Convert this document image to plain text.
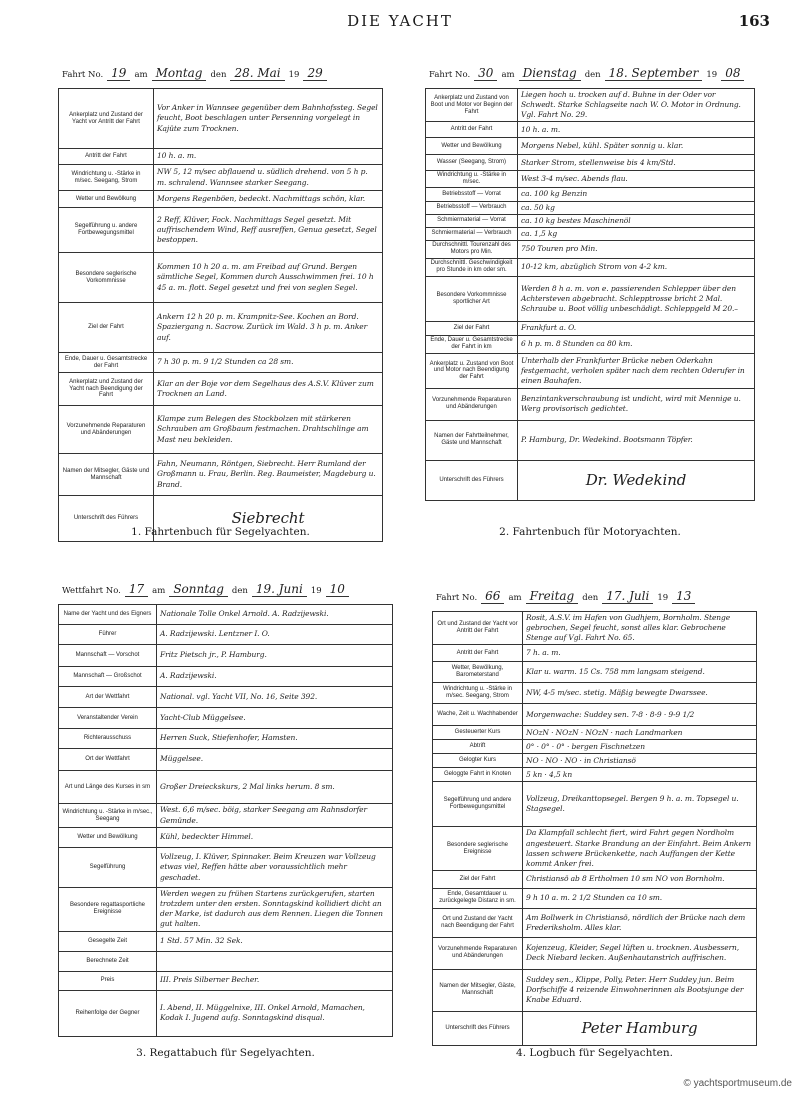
DIE YACHT	163
Fahrt No. 19 am Montag den 28. Mai 19 29
Ankerplatz und Zustand der Yacht vor Antritt der Fahrt	Vor Anker in Wannsee gegenüber dem Bahnhofssteg. Segel feucht, Boot beschlagen unter Persenning vorgelegt in Kajüte zum Trocknen.
Antritt der Fahrt	10 h. a. m.
Windrichtung u. -Stärke in m/sec. Seegang, Strom	NW 5, 12 m/sec abflauend u. südlich drehend. von 5 h p. m. schralend. Wannsee starker Seegang.
Wetter und Bewölkung	Morgens Regenböen, bedeckt. Nachmittags schön, klar.
Segelführung u. andere Fortbewegungsmittel	2 Reff, Klüver, Fock. Nachmittags Segel gesetzt. Mit auffrischendem Wind, Reff ausreffen, Genua gesetzt, Segel bestoppen.
Besondere seglerische Vorkommnisse	Kommen 10 h 20 a. m. am Freibad auf Grund. Bergen sämtliche Segel, Kommen durch Ausschwimmen frei. 10 h 45 a. m. flott. Segel gesetzt und frei von seglen Segel.
Ziel der Fahrt	Ankern 12 h 20 p. m. Krampnitz-See. Kochen an Bord. Spaziergang n. Sacrow. Zurück im Wald. 3 h p. m. Anker auf.
Ende, Dauer u. Gesamtstrecke der Fahrt	7 h 30 p. m. 9 1/2 Stunden ca 28 sm.
Ankerplatz und Zustand der Yacht nach Beendigung der Fahrt	Klar an der Boje vor dem Segelhaus des A.S.V. Klüver zum Trocknen an Land.
Vorzunehmende Reparaturen und Abänderungen	Klampe zum Belegen des Stockbolzen mit stärkeren Schrauben am Großbaum festmachen. Drahtschlinge am Mast neu bekleiden.
Namen der Mitsegler, Gäste und Mannschaft	Fahn, Neumann, Röntgen, Siebrecht. Herr Rumland der Großmann u. Frau, Berlin. Reg. Baumeister, Magdeburg u. Brand.
Unterschrift des Führers	Siebrecht
1. Fahrtenbuch für Segelyachten.
Fahrt No. 30 am Dienstag den 18. September 19 08
Ankerplatz und Zustand von Boot und Motor vor Beginn der Fahrt	Liegen hoch u. trocken auf d. Buhne in der Oder vor Schwedt. Starke Schlagseite nach W. O. Motor in Ordnung. Vgl. Fahrt No. 29.
Antritt der Fahrt	10 h. a. m.
Wetter und Bewölkung	Morgens Nebel, kühl. Später sonnig u. klar.
Wasser (Seegang, Strom)	Starker Strom, stellenweise bis 4 km/Std.
Windrichtung u. -Stärke in m/sec.	West 3-4 m/sec. Abends flau.
Betriebsstoff — Vorrat	ca. 100 kg Benzin
Betriebsstoff — Verbrauch	ca. 50 kg
Schmiermaterial — Vorrat	ca. 10 kg bestes Maschinenöl
Schmiermaterial — Verbrauch	ca. 1,5 kg
Durchschnittl. Tourenzahl des Motors pro Min.	750 Touren pro Min.
Durchschnittl. Geschwindigkeit pro Stunde in km oder sm.	10-12 km, abzüglich Strom von 4-2 km.
Besondere Vorkommnisse sportlicher Art	Werden 8 h a. m. von e. passierenden Schlepper über den Achtersteven abgebracht. Schlepptrosse bricht 2 Mal. Schraube u. Boot völlig unbeschädigt. Schleppgeld M 20.–
Ziel der Fahrt	Frankfurt a. O.
Ende, Dauer u. Gesamtstrecke der Fahrt in km	6 h p. m. 8 Stunden ca 80 km.
Ankerplatz u. Zustand von Boot und Motor nach Beendigung der Fahrt	Unterhalb der Frankfurter Brücke neben Oderkahn festgemacht, verholen später nach dem rechten Oderufer in einen Bauhafen.
Vorzunehmende Reparaturen und Abänderungen	Benzintankverschraubung ist undicht, wird mit Mennige u. Werg provisorisch gedichtet.
Namen der Fahrtteilnehmer, Gäste und Mannschaft	P. Hamburg, Dr. Wedekind. Bootsmann Töpfer.
Unterschrift des Führers	Dr. Wedekind
2. Fahrtenbuch für Motoryachten.
Wettfahrt No. 17 am Sonntag den 19. Juni 19 10
Name der Yacht und des Eigners	Nationale Tolle Onkel Arnold. A. Radzijewski.
Führer	A. Radzijewski. Lentzner I. O.
Mannschaft — Vorschot	Fritz Pietsch jr., P. Hamburg.
Mannschaft — Großschot	A. Radzijewski.
Art der Wettfahrt	National. vgl. Yacht VII, No. 16, Seite 392.
Veranstaltender Verein	Yacht-Club Müggelsee.
Richterausschuss	Herren Suck, Stiefenhofer, Hamsten.
Ort der Wettfahrt	Müggelsee.
Art und Länge des Kurses in sm	Großer Dreieckskurs, 2 Mal links herum. 8 sm.
Windrichtung u. -Stärke in m/sec., Seegang	West. 6,6 m/sec. böig, starker Seegang am Rahnsdorfer Gemünde.
Wetter und Bewölkung	Kühl, bedeckter Himmel.
Segelführung	Vollzeug, I. Klüver, Spinnaker. Beim Kreuzen war Vollzeug etwas viel, Reffen hätte aber voraussichtlich mehr geschadet.
Besondere regattasportliche Ereignisse	Werden wegen zu frühen Startens zurückgerufen, starten trotzdem unter den ersten. Sonntagskind kollidiert dicht an der Marke, ist dadurch aus dem Rennen. Liegen die Tonnen gut halten.
Gesegelte Zeit	1 Std. 57 Min. 32 Sek.
Berechnete Zeit	
Preis	III. Preis Silberner Becher.
Reihenfolge der Gegner	I. Abend, II. Müggelnixe, III. Onkel Arnold, Mamachen, Kodak I. Jugend aufg. Sonntagskind disqual.
3. Regattabuch für Segelyachten.
Fahrt No. 66 am Freitag den 17. Juli 19 13
Ort und Zustand der Yacht vor Antritt der Fahrt	Rosit, A.S.V. im Hafen von Gudhjem, Bornholm. Stenge gebrochen, Segel feucht, sonst alles klar. Gebrochene Stenge auf Vgl. Fahrt No. 65.
Antritt der Fahrt	7 h. a. m.
Wetter, Bewölkung, Barometerstand	Klar u. warm. 15 Cs. 758 mm langsam steigend.
Windrichtung u. -Stärke in m/sec. Seegang, Strom	NW, 4-5 m/sec. stetig. Mäßig bewegte Dwarssee.
Wache, Zeit u. Wachhabender	Morgenwache: Suddey sen. 7-8 · 8-9 · 9-9 1/2
Gesteuerter Kurs	NOzN · NOzN · NOzN · nach Landmarken
Abtrift	0° · 0° · 0° · bergen Fischnetzen
Gelogter Kurs	NO · NO · NO · in Christiansö
Geloggte Fahrt in Knoten	5 kn · 4,5 kn
Segelführung und andere Fortbewegungsmittel	Vollzeug, Dreikanttopsegel. Bergen 9 h. a. m. Topsegel u. Stagsegel.
Besondere seglerische Ereignisse	Da Klampfall schlecht fiert, wird Fahrt gegen Nordholm angesteuert. Starke Brandung an der Einfahrt. Beim Ankern lassen schwere Brückenkette, nach Auffangen der Kette kommt Anker frei.
Ziel der Fahrt	Christiansö ab 8 Ertholmen 10 sm NO von Bornholm.
Ende, Gesamtdauer u. zurückgelegte Distanz in sm.	9 h 10 a. m. 2 1/2 Stunden ca 10 sm.
Ort und Zustand der Yacht nach Beendigung der Fahrt	Am Bollwerk in Christiansö, nördlich der Brücke nach dem Frederiksholm. Alles klar.
Vorzunehmende Reparaturen und Abänderungen	Kojenzeug, Kleider, Segel lüften u. trocknen. Ausbessern, Deck Niebard lecken. Außenhautanstrich auffrischen.
Namen der Mitsegler, Gäste, Mannschaft	Suddey sen., Klippe, Polly, Peter. Herr Suddey jun. Beim Dorfschiffe 4 reizende Einwohnerinnen als Bootsjunge der Knabe Eduard.
Unterschrift des Führers	Peter Hamburg
4. Logbuch für Segelyachten.
© yachtsportmuseum.de
